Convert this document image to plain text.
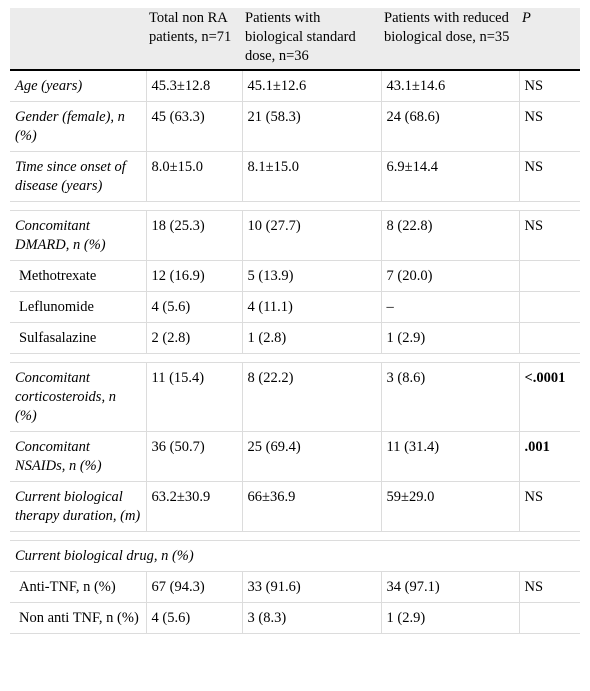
	Total non RA patients, n=71	Patients with biological standard dose, n=36	Patients with reduced biological dose, n=35	P
Age (years)	45.3±12.8	45.1±12.6	43.1±14.6	NS
Gender (female), n (%)	45 (63.3)	21 (58.3)	24 (68.6)	NS
Time since onset of disease (years)	8.0±15.0	8.1±15.0	6.9±14.4	NS

Concomitant DMARD, n (%)	18 (25.3)	10 (27.7)	8 (22.8)	NS
Methotrexate	12 (16.9)	5 (13.9)	7 (20.0)	
Leflunomide	4 (5.6)	4 (11.1)	–	
Sulfasalazine	2 (2.8)	1 (2.8)	1 (2.9)	

Concomitant corticosteroids, n (%)	11 (15.4)	8 (22.2)	3 (8.6)	<.0001
Concomitant NSAIDs, n (%)	36 (50.7)	25 (69.4)	11 (31.4)	.001
Current biological therapy duration, (m)	63.2±30.9	66±36.9	59±29.0	NS

Current biological drug, n (%)				
Anti-TNF, n (%)	67 (94.3)	33 (91.6)	34 (97.1)	NS
Non anti TNF, n (%)	4 (5.6)	3 (8.3)	1 (2.9)	
